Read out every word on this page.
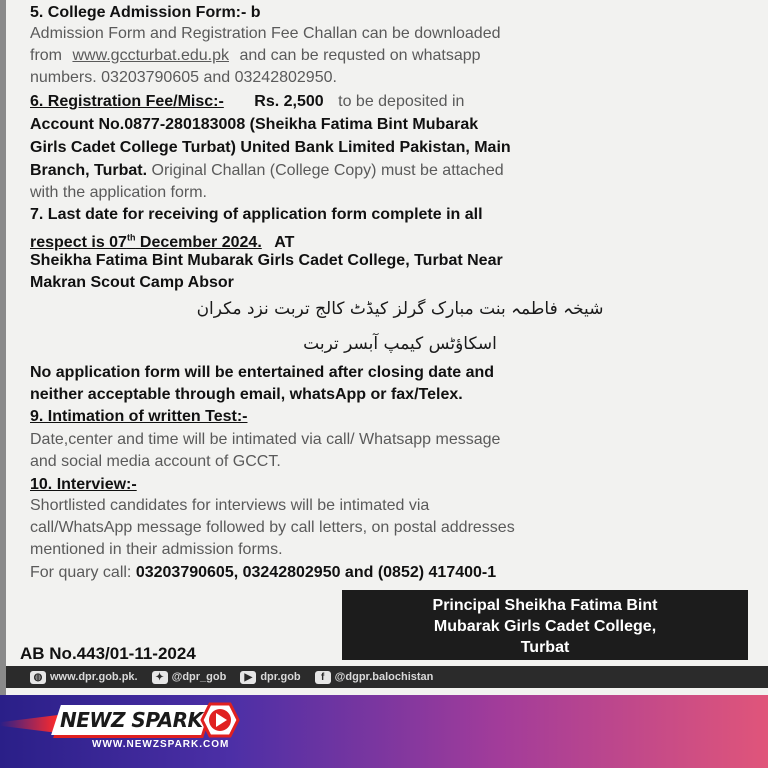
5. College Admission Form:- b
Admission Form and Registration Fee Challan can be downloaded
from www.gccturbat.edu.pk and can be requsted on whatsapp
numbers. 03203790605 and 03242802950.
6. Registration Fee/Misc:- Rs. 2,500 to be deposited in
Account No.0877-280183008 (Sheikha Fatima Bint Mubarak
Girls Cadet College Turbat) United Bank Limited Pakistan, Main
Branch, Turbat. Original Challan (College Copy) must be attached
with the application form.
7. Last date for receiving of application form complete in all
respect is 07th December 2024. AT
Sheikha Fatima Bint Mubarak Girls Cadet College, Turbat Near
Makran Scout Camp Absor
شیخہ فاطمہ بنت مبارک گرلز کیڈٹ کالج تربت نزد مکران
اسکاؤٹس کیمپ آبسر تربت
No application form will be entertained after closing date and
neither acceptable through email, whatsApp or fax/Telex.
9. Intimation of written Test:-
Date,center and time will be intimated via call/ Whatsapp message
and social media account of GCCT.
10. Interview:-
Shortlisted candidates for interviews will be intimated via
call/WhatsApp message followed by call letters, on postal addresses
mentioned in their admission forms.
For quary call: 03203790605, 03242802950 and (0852) 417400-1
Principal Sheikha Fatima Bint
Mubarak Girls Cadet College,
Turbat
AB No.443/01-11-2024
◍ www.dpr.gob.pk.	✦ @dpr_gob	▶ dpr.gob	f @dgpr.balochistan
NEWZ SPARK
WWW.NEWZSPARK.COM
